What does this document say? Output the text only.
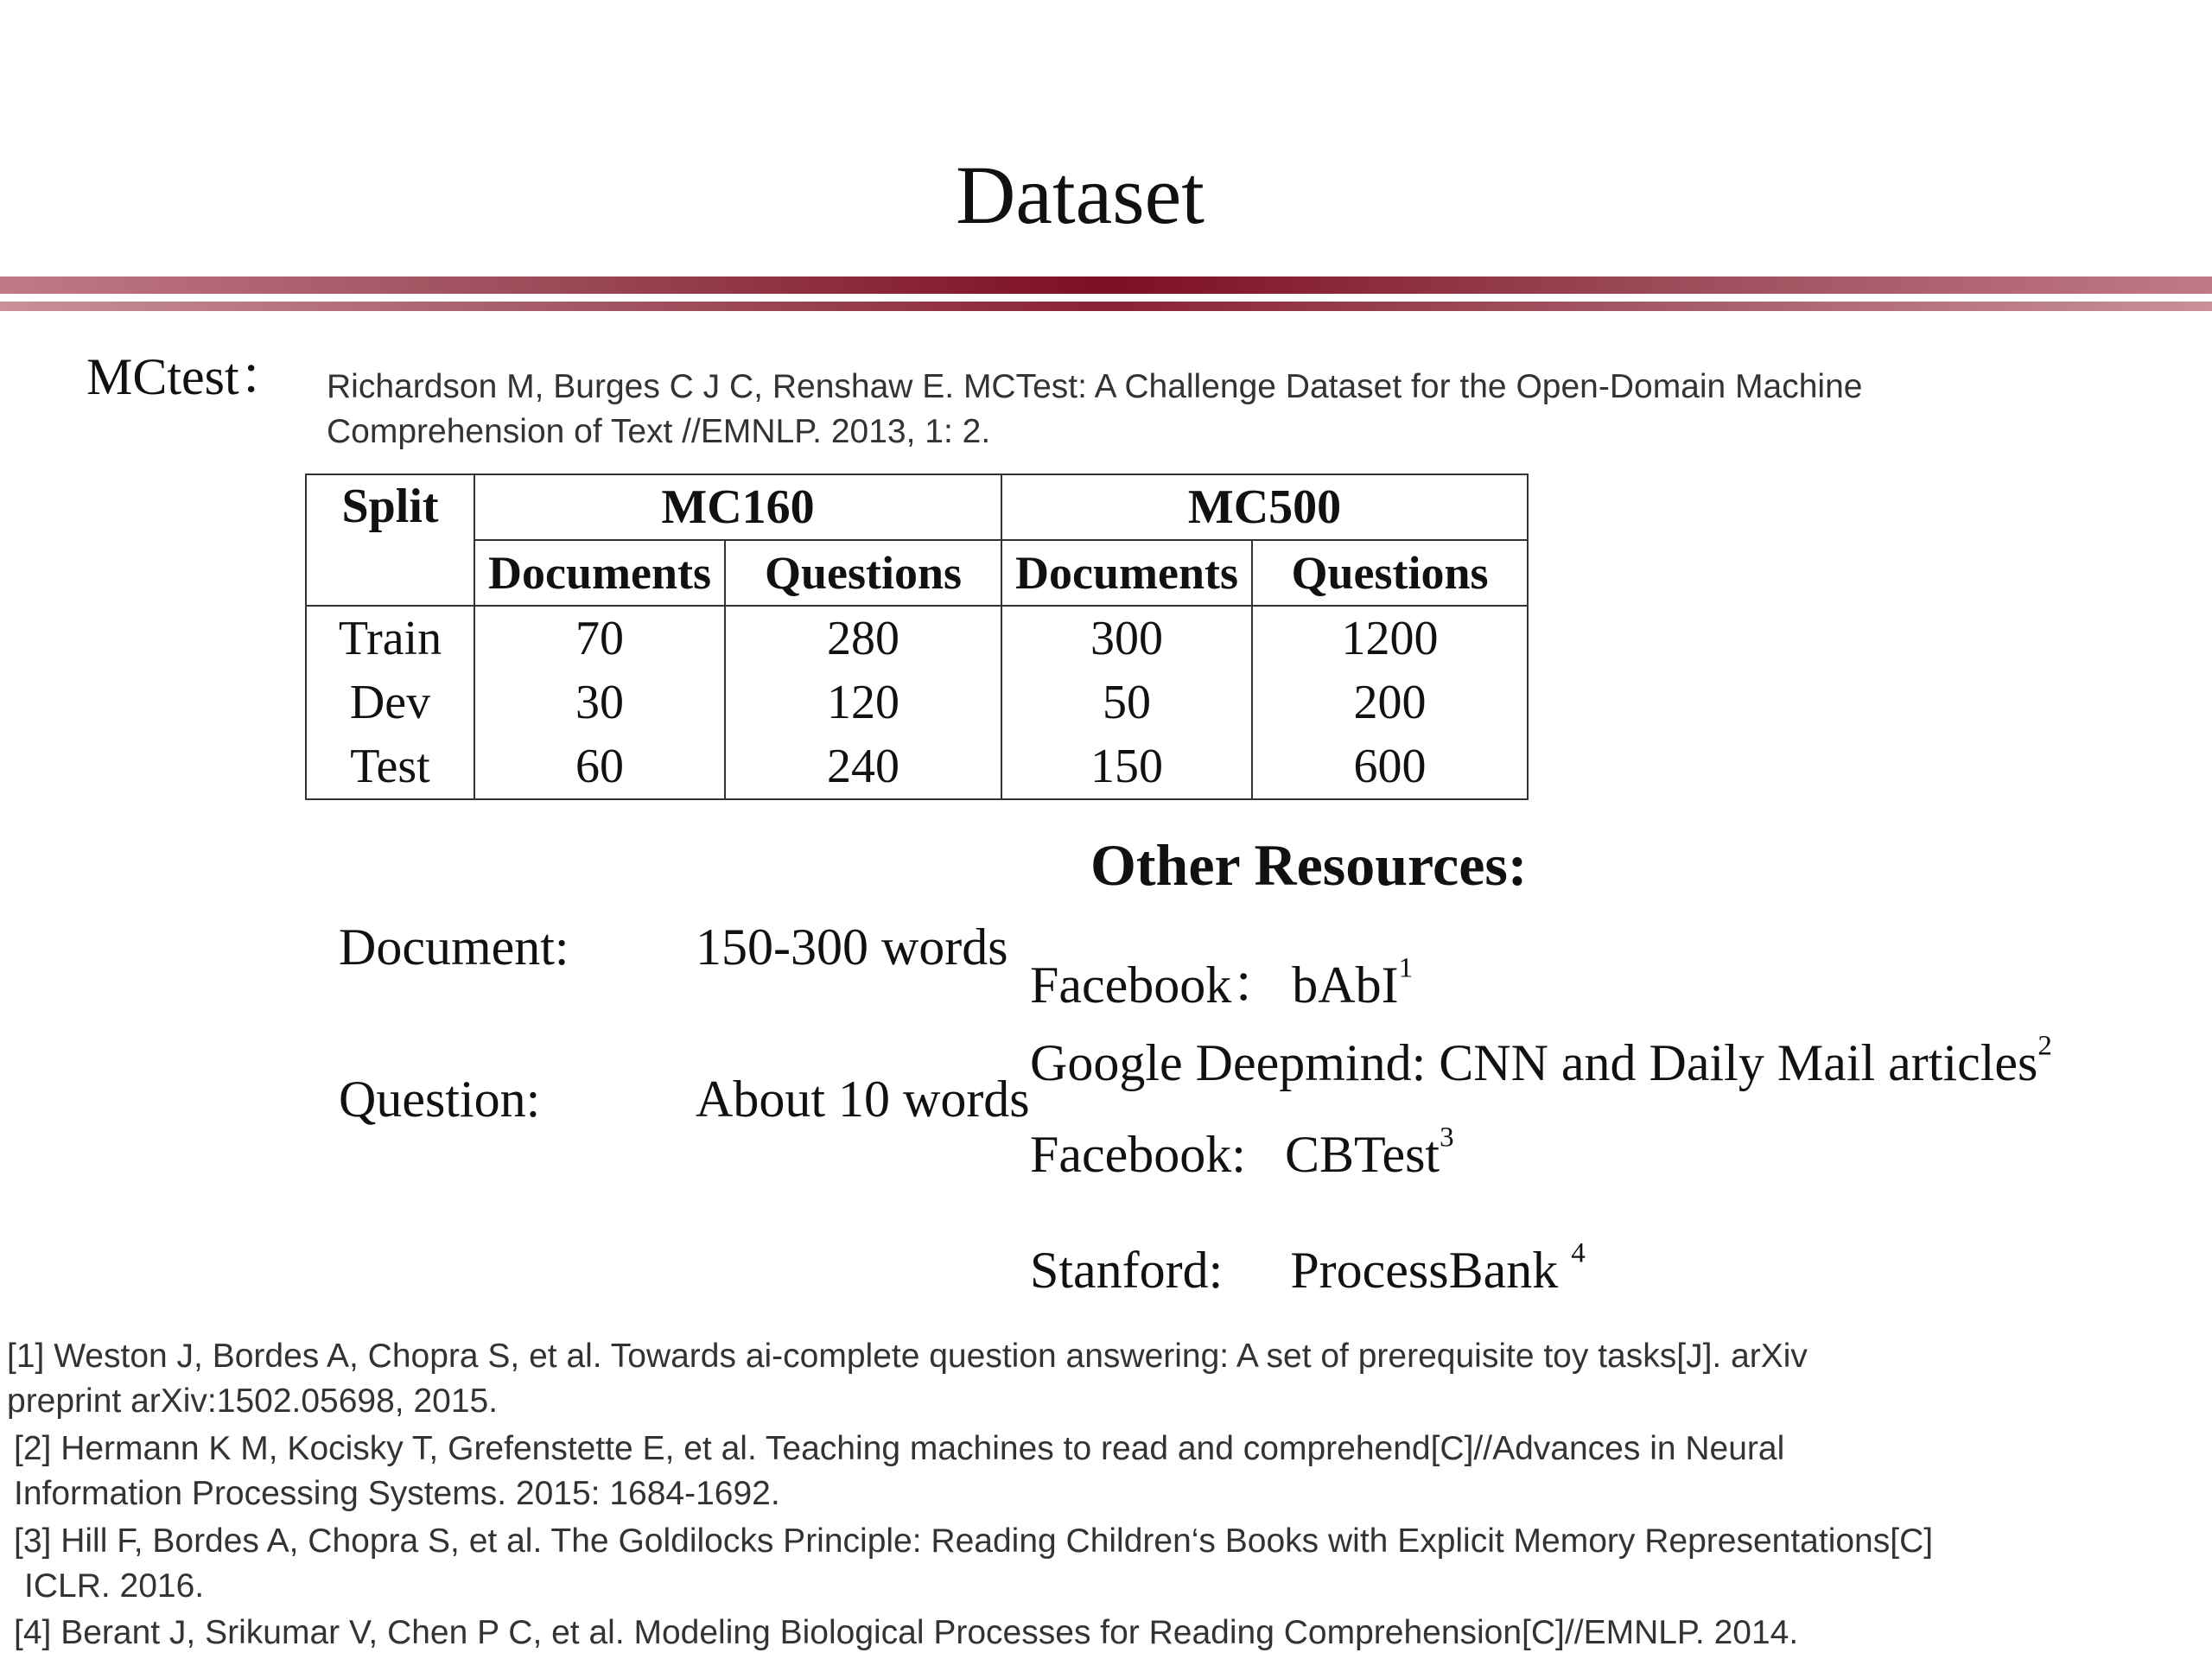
Dataset
MCtest： Richardson M, Burges C J C, Renshaw E. MCTest: A Challenge Dataset for the Open-Domain Machine
Comprehension of Text //EMNLP. 2013, 1: 2.
Split	MC160		MC500	
	Documents	Questions	Documents	Questions
Train	70	280	300	1200
Dev	30	120	50	200
Test	60	240	150	600
Document: 150-300 words
Question:	About 10 words
Other Resources:
Facebook： bAbI$^1$
Google Deepmind: CNN and Daily Mail articles$^2$
Facebook: CBTest$^3$
Stanford: ProcessBank $^4$
[1] Weston J, Bordes A, Chopra S, et al. Towards ai-complete question answering: A set of prerequisite toy tasks[J]. arXiv
preprint arXiv:1502.05698, 2015.
[2] Hermann K M, Kocisky T, Grefenstette E, et al. Teaching machines to read and comprehend[C]//Advances in Neural
Information Processing Systems. 2015: 1684-1692.
[3] Hill F, Bordes A, Chopra S, et al. The Goldilocks Principle: Reading Children‘s Books with Explicit Memory Representations[C]
ICLR. 2016.
[4] Berant J, Srikumar V, Chen P C, et al. Modeling Biological Processes for Reading Comprehension[C]//EMNLP. 2014.
